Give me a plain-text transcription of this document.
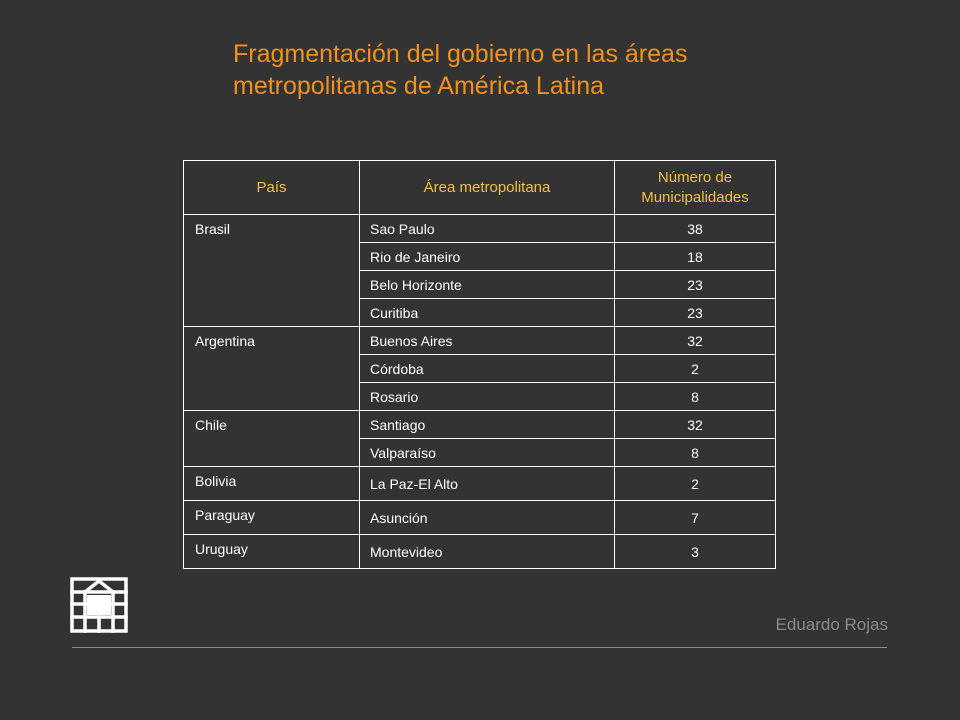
Fragmentación del gobierno en las áreas
metropolitanas de América Latina
País	Área metropolitana	Número de
Municipalidades
Brasil	Sao Paulo	38
	Rio de Janeiro	18
	Belo Horizonte	23
	Curitiba	23
Argentina	Buenos Aires	32
	Córdoba	2
	Rosario	8
Chile	Santiago	32
	Valparaíso	8
Bolivia	La Paz-El Alto	2
Paraguay	Asunción	7
Uruguay	Montevideo	3
Eduardo Rojas
